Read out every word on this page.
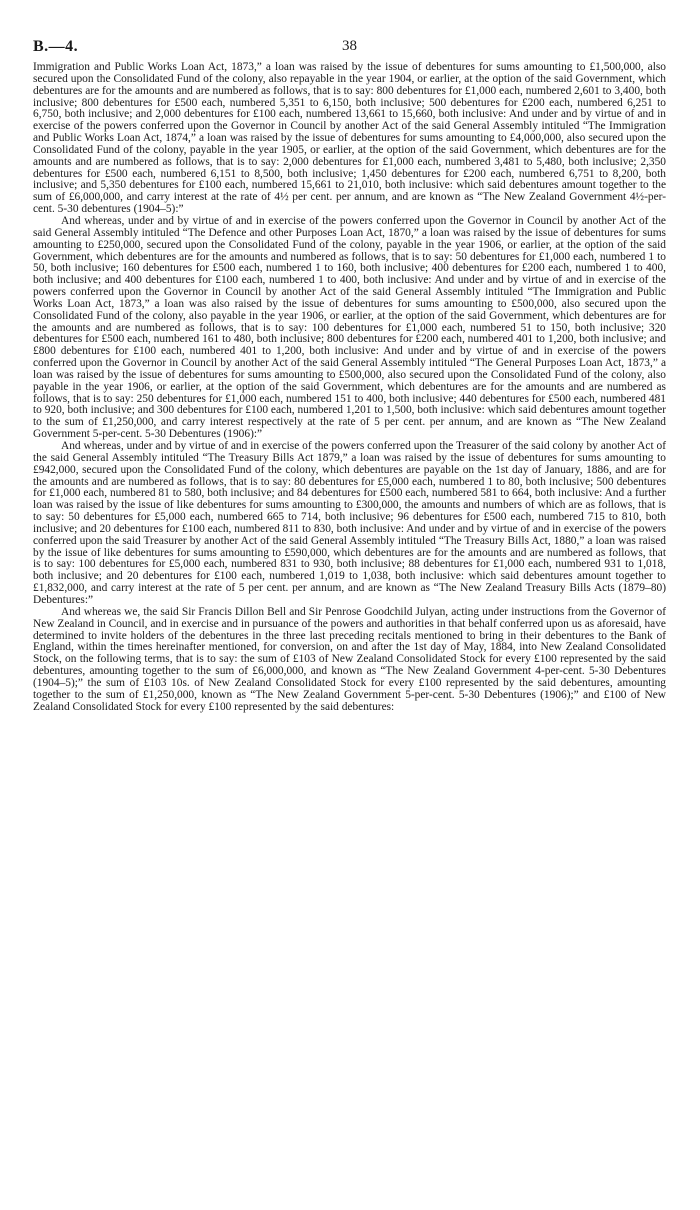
B.—4.	38

Immigration and Public Works Loan Act, 1873,” a loan was raised by the issue of debentures for sums amounting to £1,500,000, also secured upon the Consolidated Fund of the colony, also repayable in the year 1904, or earlier, at the option of the said Government, which debentures are for the amounts and are numbered as follows, that is to say: 800 debentures for £1,000 each, numbered 2,601 to 3,400, both inclusive; 800 debentures for £500 each, numbered 5,351 to 6,150, both inclusive; 500 debentures for £200 each, numbered 6,251 to 6,750, both inclusive; and 2,000 debentures for £100 each, numbered 13,661 to 15,660, both inclusive: And under and by virtue of and in exercise of the powers conferred upon the Governor in Council by another Act of the said General Assembly intituled “The Immigration and Public Works Loan Act, 1874,” a loan was raised by the issue of debentures for sums amounting to £4,000,000, also secured upon the Consolidated Fund of the colony, payable in the year 1905, or earlier, at the option of the said Government, which debentures are for the amounts and are numbered as follows, that is to say: 2,000 debentures for £1,000 each, numbered 3,481 to 5,480, both inclusive; 2,350 debentures for £500 each, numbered 6,151 to 8,500, both inclusive; 1,450 debentures for £200 each, numbered 6,751 to 8,200, both inclusive; and 5,350 debentures for £100 each, numbered 15,661 to 21,010, both inclusive: which said debentures amount together to the sum of £6,000,000, and carry interest at the rate of 4½ per cent. per annum, and are known as “The New Zealand Government 4½-per-cent. 5-30 debentures (1904–5):”

And whereas, under and by virtue of and in exercise of the powers conferred upon the Governor in Council by another Act of the said General Assembly intituled “The Defence and other Purposes Loan Act, 1870,” a loan was raised by the issue of debentures for sums amounting to £250,000, secured upon the Consolidated Fund of the colony, payable in the year 1906, or earlier, at the option of the said Government, which debentures are for the amounts and numbered as follows, that is to say: 50 debentures for £1,000 each, numbered 1 to 50, both inclusive; 160 debentures for £500 each, numbered 1 to 160, both inclusive; 400 debentures for £200 each, numbered 1 to 400, both inclusive; and 400 debentures for £100 each, numbered 1 to 400, both inclusive: And under and by virtue of and in exercise of the powers conferred upon the Governor in Council by another Act of the said General Assembly intituled “The Immigration and Public Works Loan Act, 1873,” a loan was also raised by the issue of debentures for sums amounting to £500,000, also secured upon the Consolidated Fund of the colony, also payable in the year 1906, or earlier, at the option of the said Government, which debentures are for the amounts and are numbered as follows, that is to say: 100 debentures for £1,000 each, numbered 51 to 150, both inclusive; 320 debentures for £500 each, numbered 161 to 480, both inclusive; 800 debentures for £200 each, numbered 401 to 1,200, both inclusive; and £800 debentures for £100 each, numbered 401 to 1,200, both inclusive: And under and by virtue of and in exercise of the powers conferred upon the Governor in Council by another Act of the said General Assembly intituled “The General Purposes Loan Act, 1873,” a loan was raised by the issue of debentures for sums amounting to £500,000, also secured upon the Consolidated Fund of the colony, also payable in the year 1906, or earlier, at the option of the said Government, which debentures are for the amounts and are numbered as follows, that is to say: 250 debentures for £1,000 each, numbered 151 to 400, both inclusive; 440 debentures for £500 each, numbered 481 to 920, both inclusive; and 300 debentures for £100 each, numbered 1,201 to 1,500, both inclusive: which said debentures amount together to the sum of £1,250,000, and carry interest respectively at the rate of 5 per cent. per annum, and are known as “The New Zealand Government 5-per-cent. 5-30 Debentures (1906):”

And whereas, under and by virtue of and in exercise of the powers conferred upon the Treasurer of the said colony by another Act of the said General Assembly intituled “The Treasury Bills Act 1879,” a loan was raised by the issue of debentures for sums amounting to £942,000, secured upon the Consolidated Fund of the colony, which debentures are payable on the 1st day of January, 1886, and are for the amounts and are numbered as follows, that is to say: 80 debentures for £5,000 each, numbered 1 to 80, both inclusive; 500 debentures for £1,000 each, numbered 81 to 580, both inclusive; and 84 debentures for £500 each, numbered 581 to 664, both inclusive: And a further loan was raised by the issue of like debentures for sums amounting to £300,000, the amounts and numbers of which are as follows, that is to say: 50 debentures for £5,000 each, numbered 665 to 714, both inclusive; 96 debentures for £500 each, numbered 715 to 810, both inclusive; and 20 debentures for £100 each, numbered 811 to 830, both inclusive: And under and by virtue of and in exercise of the powers conferred upon the said Treasurer by another Act of the said General Assembly intituled “The Treasury Bills Act, 1880,” a loan was raised by the issue of like debentures for sums amounting to £590,000, which debentures are for the amounts and are numbered as follows, that is to say: 100 debentures for £5,000 each, numbered 831 to 930, both inclusive; 88 debentures for £1,000 each, numbered 931 to 1,018, both inclusive; and 20 debentures for £100 each, numbered 1,019 to 1,038, both inclusive: which said debentures amount together to £1,832,000, and carry interest at the rate of 5 per cent. per annum, and are known as “The New Zealand Treasury Bills Acts (1879–80) Debentures:”

And whereas we, the said Sir Francis Dillon Bell and Sir Penrose Goodchild Julyan, acting under instructions from the Governor of New Zealand in Council, and in exercise and in pursuance of the powers and authorities in that behalf conferred upon us as aforesaid, have determined to invite holders of the debentures in the three last preceding recitals mentioned to bring in their debentures to the Bank of England, within the times hereinafter mentioned, for conversion, on and after the 1st day of May, 1884, into New Zealand Consolidated Stock, on the following terms, that is to say: the sum of £103 of New Zealand Consolidated Stock for every £100 represented by the said debentures, amounting together to the sum of £6,000,000, and known as “The New Zealand Government 4-per-cent. 5-30 Debentures (1904–5);” the sum of £103 10s. of New Zealand Consolidated Stock for every £100 represented by the said debentures, amounting together to the sum of £1,250,000, known as “The New Zealand Government 5-per-cent. 5-30 Debentures (1906);” and £100 of New Zealand Consolidated Stock for every £100 represented by the said debentures:
